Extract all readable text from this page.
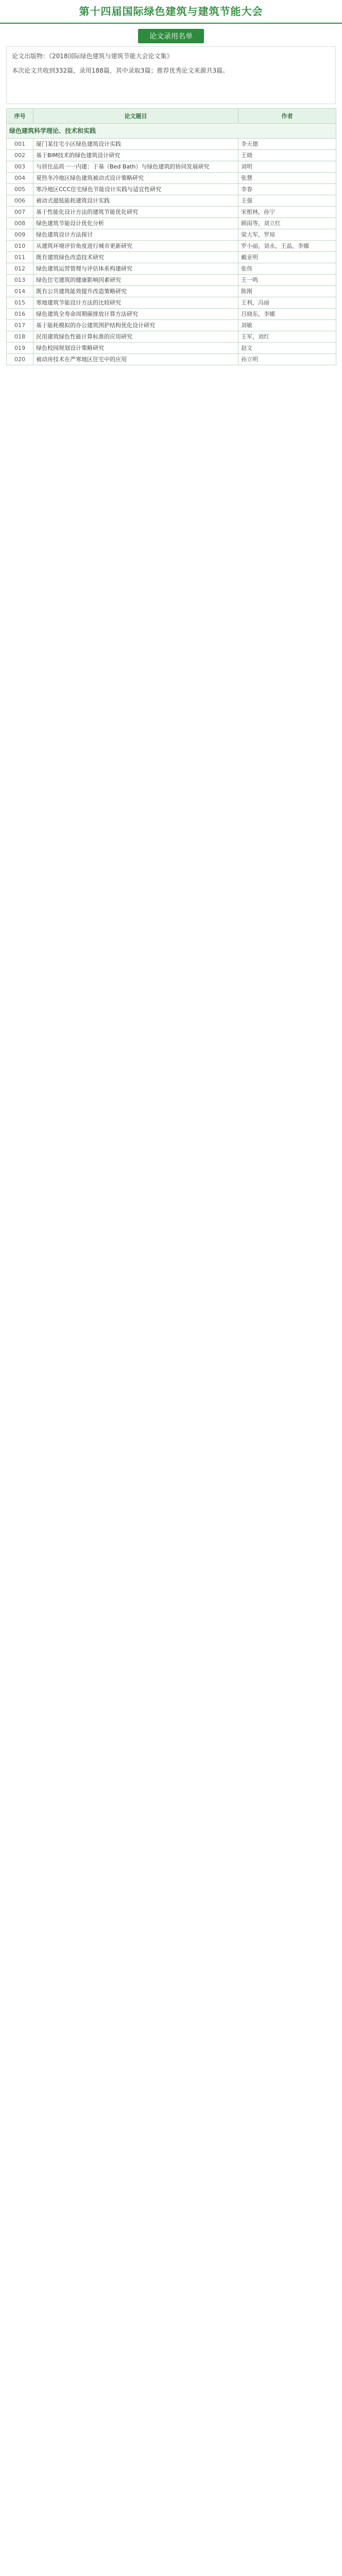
第十四届国际绿色建筑与建筑节能大会
论文录用名单

论文出版物：《2018国际绿色建筑与建筑节能大会论文集》

本次论文共收到332篇，录用188篇，其中录取3篇；推荐优秀论文来源共3篇。

序号	论文题目	作者
绿色建筑科学理论、技术和实践		
001	厦门某住宅小区绿色建筑设计实践	李天德
002	基于BIM技术的绿色建筑设计研究	王晓
003	与居住品质一一内建：于基（Bed Bath）与绿色建筑的协同发展研究	刘明
004	夏热冬冷地区绿色建筑被动式设计策略研究	张慧
005	寒冷地区CCC住宅绿色节能设计实践与适宜性研究	李春
006	被动式超低能耗建筑设计实践	王强
007	基于性能化设计方法的建筑节能优化研究	宋根林，孙宁
008	绿色建筑节能设计优化分析	顾雨等，刘立红
009	绿色建筑设计方法探讨	梁大军，罗琼
010	从建筑环境评价角度进行城市更新研究	罗小丽，刘永，王晶，李娜
011	既有建筑绿色改造技术研究	戴亚明
012	绿色建筑运营管理与评估体系构建研究	张伟
013	绿色住宅建筑的健康影响因素研究	王一鸣
014	既有公共建筑能效提升改造策略研究	陈刚
015	寒地建筑节能设计方法的比较研究	王利，冯丽
016	绿色建筑全寿命周期碳排放计算方法研究	吕晓东，李娜
017	基于能耗模拟的办公建筑围护结构优化设计研究	刘敏
018	民用建筑绿色性能计算标准的应用研究	王军，刘红
019	绿色校园规划设计策略研究	赵文
020	被动房技术在严寒地区住宅中的应用	孙立明
